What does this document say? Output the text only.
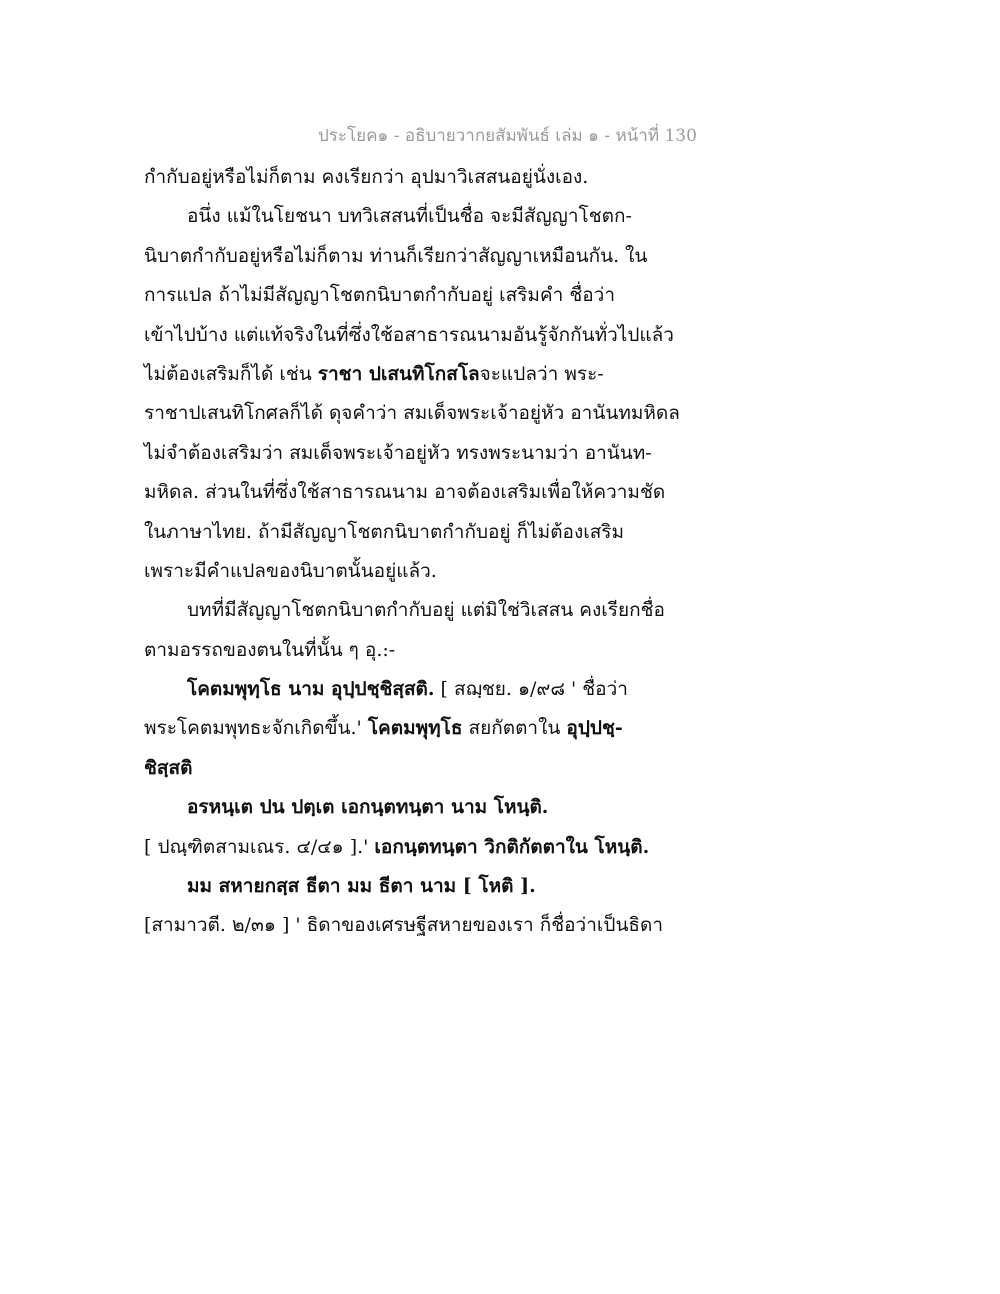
ประโยค๑ - อธิบายวากยสัมพันธ์ เล่ม ๑ - หน้าที่ 130
กำกับอยู่หรือไม่ก็ตาม คงเรียกว่า อุปมาวิเสสนอยู่นั่งเอง.
อนึ่ง แม้ในโยชนา บทวิเสสนที่เป็นชื่อ จะมีสัญญาโชตก-
นิบาตกำกับอยู่หรือไม่ก็ตาม ท่านก็เรียกว่าสัญญาเหมือนกัน. ใน
การแปล ถ้าไม่มีสัญญาโชตกนิบาตกำกับอยู่ เสริมคำ ชื่อว่า
เข้าไปบ้าง แต่แท้จริงในที่ซึ่งใช้อสาธารณนามอันรู้จักกันทั่วไปแล้ว
ไม่ต้องเสริมก็ได้ เช่น ราชา ปเสนทิโกสโลจะแปลว่า พระ-
ราชาปเสนทิโกศลก็ได้ ดุจคำว่า สมเด็จพระเจ้าอยู่หัว อานันทมหิดล
ไม่จำต้องเสริมว่า สมเด็จพระเจ้าอยู่หัว ทรงพระนามว่า อานันท-
มหิดล. ส่วนในที่ซึ่งใช้สาธารณนาม อาจต้องเสริมเพื่อให้ความชัด
ในภาษาไทย. ถ้ามีสัญญาโชตกนิบาตกำกับอยู่ ก็ไม่ต้องเสริม
เพราะมีคำแปลของนิบาตนั้นอยู่แล้ว.
บทที่มีสัญญาโชตกนิบาตกำกับอยู่ แต่มิใช่วิเสสน คงเรียกชื่อ
ตามอรรถของตนในที่นั้น ๆ อุ.:-
โคตมพุทฺโธ นาม อุปฺปชฺชิสฺสติ. [ สฌฺชย. ๑/๙๘ ' ชื่อว่า
พระโคตมพุทธะจักเกิดขึ้น.' โคตมพุทฺโธ สยกัตตาใน อุปฺปชฺ-
ชิสฺสติ
อรหนฺเต ปน ปตฺเต เอกนฺตทนฺตา นาม โหนฺติ.
[ ปณฺฑิตสามเณร. ๔/๔๑ ].' เอกนฺตทนฺตา วิกติกัตตาใน โหนฺติ.
มม สหายกสฺส ธีตา มม ธีตา นาม [ โหติ ].
[สามาวตี. ๒/๓๑ ] ' ธิดาของเศรษฐีสหายของเรา ก็ชื่อว่าเป็นธิดา
